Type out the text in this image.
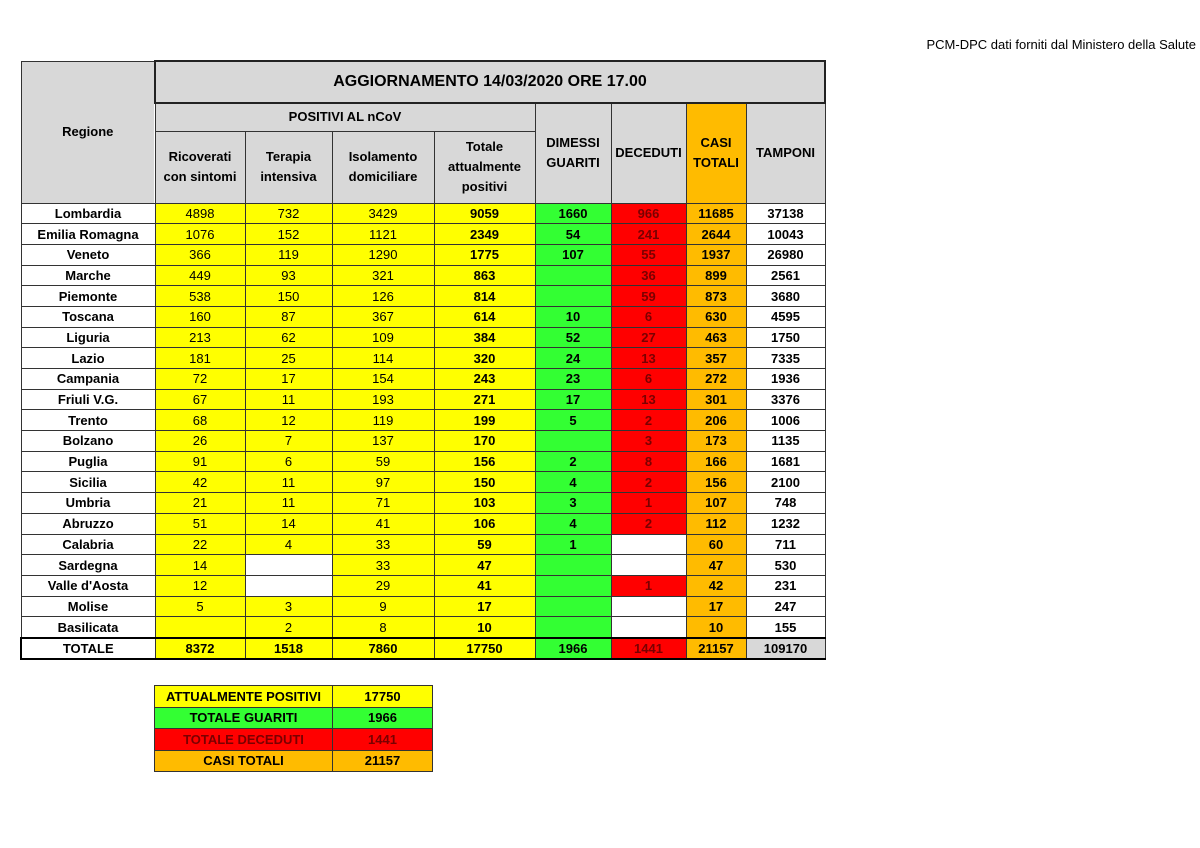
PCM-DPC dati forniti dal Ministero della Salute
Regione	AGGIORNAMENTO 14/03/2020 ORE 17.00							
	POSITIVI AL nCoV				DIMESSI GUARITI	DECEDUTI	CASI TOTALI	TAMPONI
	Ricoverati con sintomi	Terapia intensiva	Isolamento domiciliare	Totale attualmente positivi				
Lombardia	4898	732	3429	9059	1660	966	11685	37138
Emilia Romagna	1076	152	1121	2349	54	241	2644	10043
Veneto	366	119	1290	1775	107	55	1937	26980
Marche	449	93	321	863		36	899	2561
Piemonte	538	150	126	814		59	873	3680
Toscana	160	87	367	614	10	6	630	4595
Liguria	213	62	109	384	52	27	463	1750
Lazio	181	25	114	320	24	13	357	7335
Campania	72	17	154	243	23	6	272	1936
Friuli V.G.	67	11	193	271	17	13	301	3376
Trento	68	12	119	199	5	2	206	1006
Bolzano	26	7	137	170		3	173	1135
Puglia	91	6	59	156	2	8	166	1681
Sicilia	42	11	97	150	4	2	156	2100
Umbria	21	11	71	103	3	1	107	748
Abruzzo	51	14	41	106	4	2	112	1232
Calabria	22	4	33	59	1		60	711
Sardegna	14		33	47			47	530
Valle d'Aosta	12		29	41		1	42	231
Molise	5	3	9	17			17	247
Basilicata		2	8	10			10	155
TOTALE	8372	1518	7860	17750	1966	1441	21157	109170
ATTUALMENTE POSITIVI	17750
TOTALE GUARITI	1966
TOTALE DECEDUTI	1441
CASI TOTALI	21157
